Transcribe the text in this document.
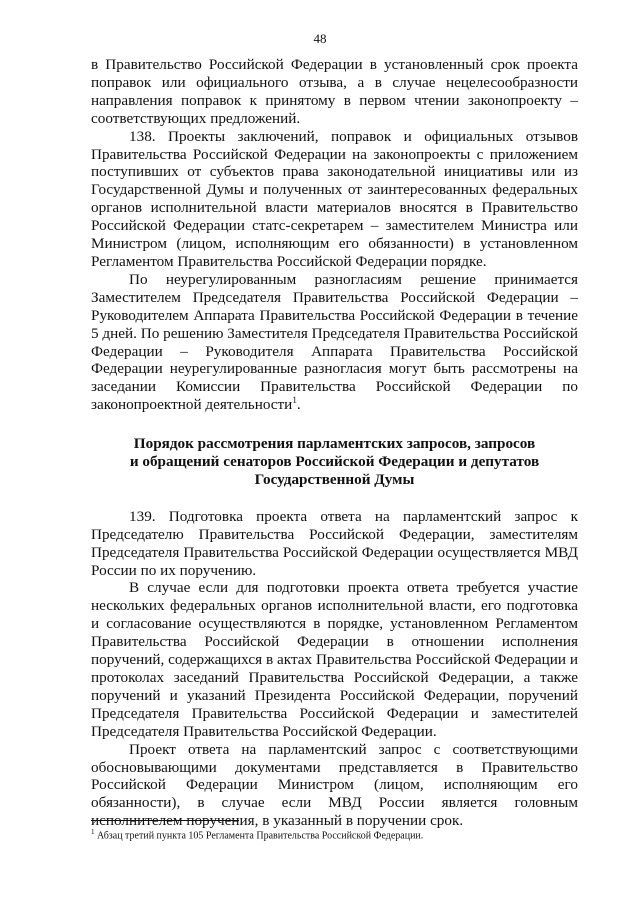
48

в Правительство Российской Федерации в установленный срок проекта поправок или официального отзыва, а в случае нецелесообразности направления поправок к принятому в первом чтении законопроекту – соответствующих предложений.

138. Проекты заключений, поправок и официальных отзывов Правительства Российской Федерации на законопроекты с приложением поступивших от субъектов права законодательной инициативы или из Государственной Думы и полученных от заинтересованных федеральных органов исполнительной власти материалов вносятся в Правительство Российской Федерации статс-секретарем – заместителем Министра или Министром (лицом, исполняющим его обязанности) в установленном Регламентом Правительства Российской Федерации порядке.

По неурегулированным разногласиям решение принимается Заместителем Председателя Правительства Российской Федерации – Руководителем Аппарата Правительства Российской Федерации в течение 5 дней. По решению Заместителя Председателя Правительства Российской Федерации – Руководителя Аппарата Правительства Российской Федерации неурегулированные разногласия могут быть рассмотрены на заседании Комиссии Правительства Российской Федерации по законопроектной деятельности$^1$.

Порядок рассмотрения парламентских запросов, запросов
и обращений сенаторов Российской Федерации и депутатов
Государственной Думы

139. Подготовка проекта ответа на парламентский запрос к Председателю Правительства Российской Федерации, заместителям Председателя Правительства Российской Федерации осуществляется МВД России по их поручению.

В случае если для подготовки проекта ответа требуется участие нескольких федеральных органов исполнительной власти, его подготовка и согласование осуществляются в порядке, установленном Регламентом Правительства Российской Федерации в отношении исполнения поручений, содержащихся в актах Правительства Российской Федерации и протоколах заседаний Правительства Российской Федерации, а также поручений и указаний Президента Российской Федерации, поручений Председателя Правительства Российской Федерации и заместителей Председателя Правительства Российской Федерации.

Проект ответа на парламентский запрос с соответствующими обосновывающими документами представляется в Правительство Российской Федерации Министром (лицом, исполняющим его обязанности), в случае если МВД России является головным исполнителем поручения, в указанный в поручении срок.

$^1$ Абзац третий пункта 105 Регламента Правительства Российской Федерации.
